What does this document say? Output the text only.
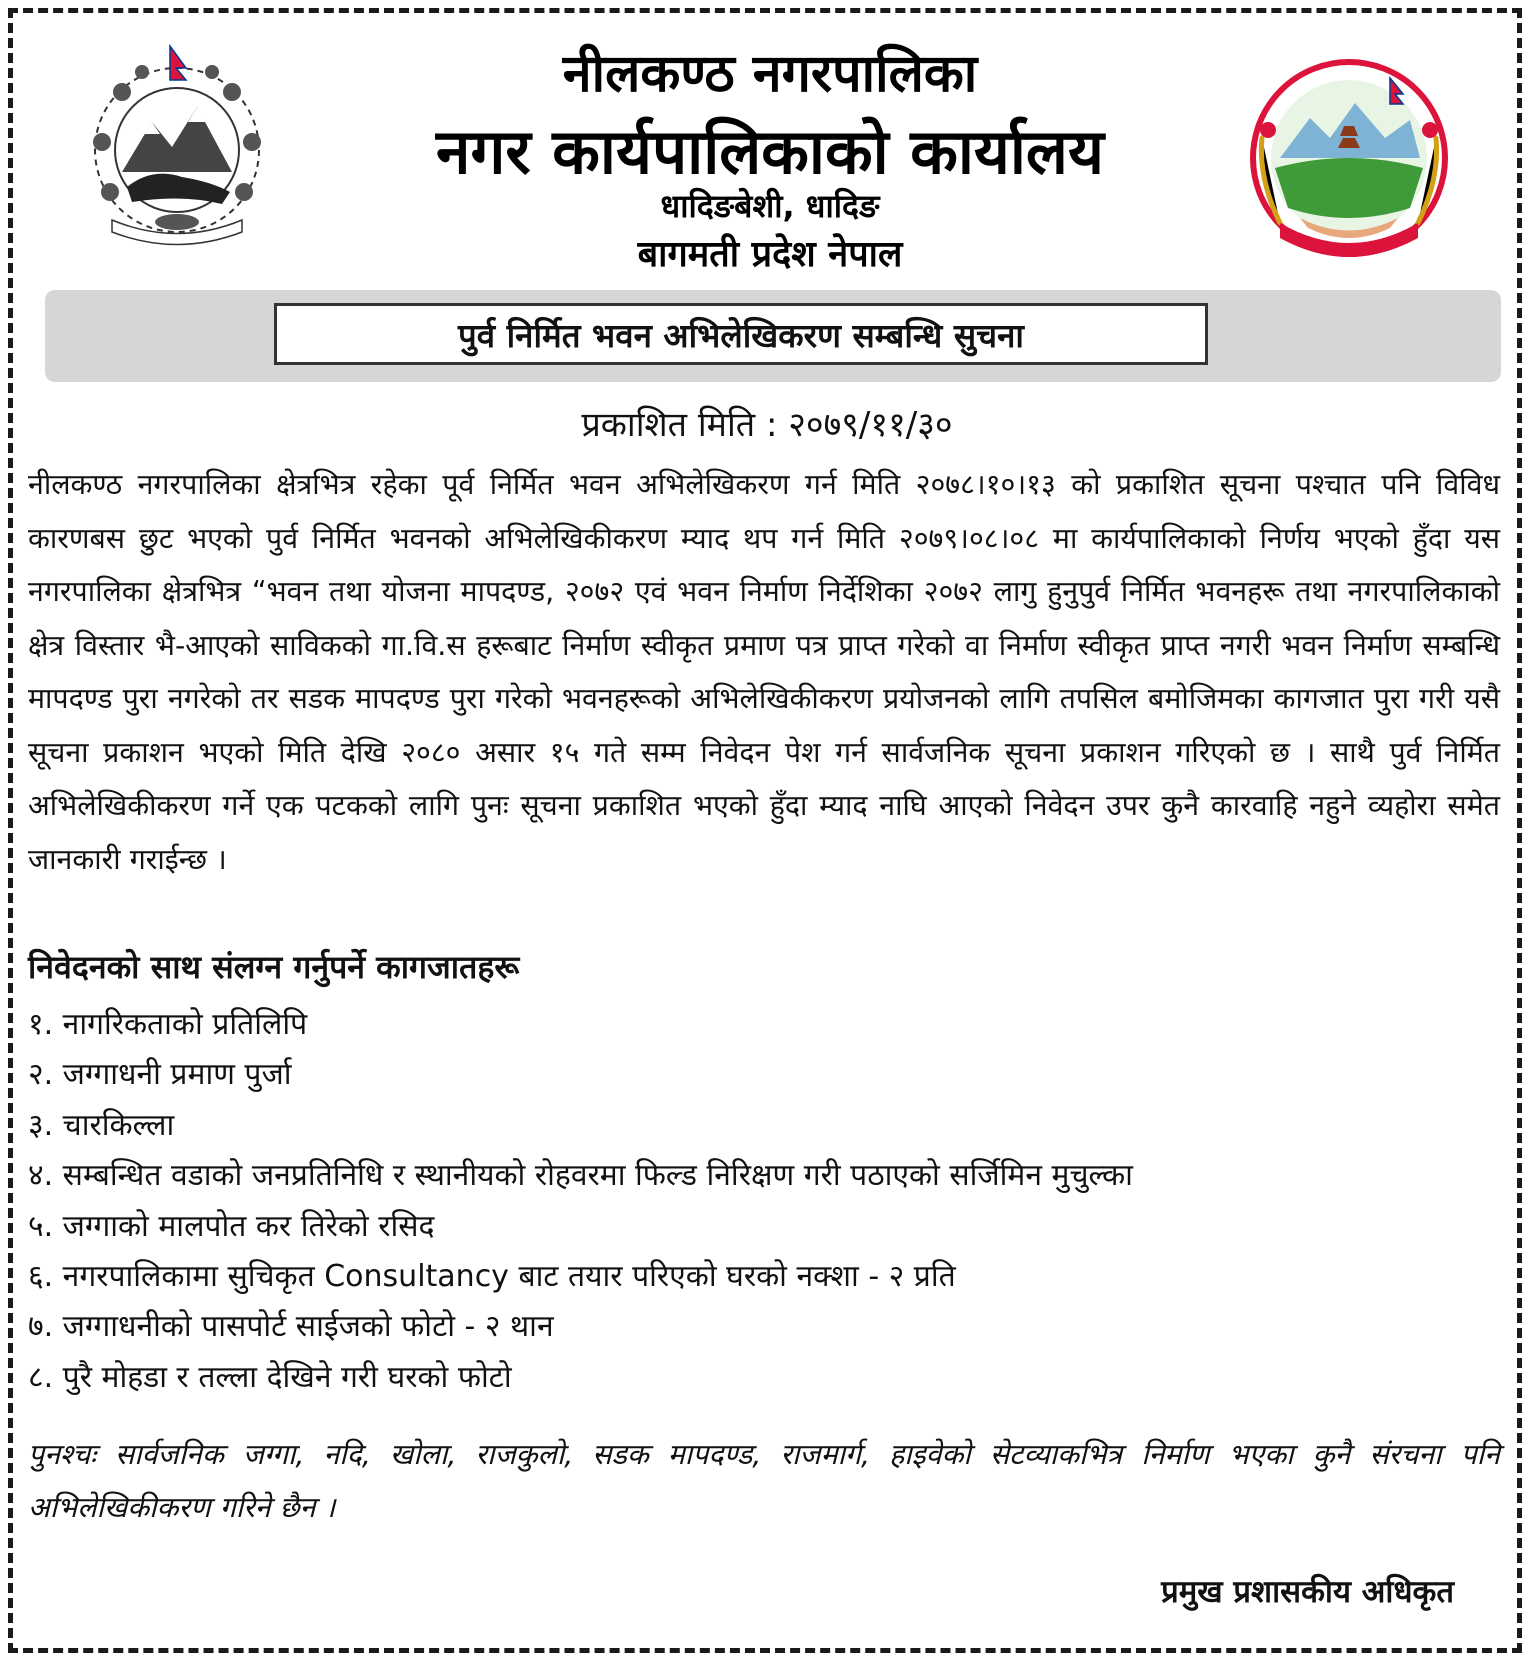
नीलकण्ठ नगरपालिका
नगर कार्यपालिकाको कार्यालय
धादिङबेशी, धादिङ
बागमती प्रदेश नेपाल
पुर्व निर्मित भवन अभिलेखिकरण सम्बन्धि सुचना
प्रकाशित मिति : २०७९/११/३०
नीलकण्ठ नगरपालिका क्षेत्रभित्र रहेका पूर्व निर्मित भवन अभिलेखिकरण गर्न मिति २०७८।१०।१३ को प्रकाशित सूचना पश्चात पनि विविध कारणबस छुट भएको पुर्व निर्मित भवनको अभिलेखिकीकरण म्याद थप गर्न मिति २०७९।०८।०८ मा कार्यपालिकाको निर्णय भएको हुँदा यस नगरपालिका क्षेत्रभित्र “भवन तथा योजना मापदण्ड, २०७२ एवं भवन निर्माण निर्देशिका २०७२ लागु हुनुपुर्व निर्मित भवनहरू तथा नगरपालिकाको क्षेत्र विस्तार भै-आएको साविकको गा.वि.स हरूबाट निर्माण स्वीकृत प्रमाण पत्र प्राप्त गरेको वा निर्माण स्वीकृत प्राप्त नगरी भवन निर्माण सम्बन्धि मापदण्ड पुरा नगरेको तर सडक मापदण्ड पुरा गरेको भवनहरूको अभिलेखिकीकरण प्रयोजनको लागि तपसिल बमोजिमका कागजात पुरा गरी यसै सूचना प्रकाशन भएको मिति देखि २०८० असार १५ गते सम्म निवेदन पेश गर्न सार्वजनिक सूचना प्रकाशन गरिएको छ । साथै पुर्व निर्मित अभिलेखिकीकरण गर्ने एक पटकको लागि पुनः सूचना प्रकाशित भएको हुँदा म्याद नाघि आएको निवेदन उपर कुनै कारवाहि नहुने व्यहोरा समेत जानकारी गराईन्छ ।
निवेदनको साथ संलग्न गर्नुपर्ने कागजातहरू
१. नागरिकताको प्रतिलिपि
२. जग्गाधनी प्रमाण पुर्जा
३. चारकिल्ला
४. सम्बन्धित वडाको जनप्रतिनिधि र स्थानीयको रोहवरमा फिल्ड निरिक्षण गरी पठाएको सर्जिमिन मुचुल्का
५. जग्गाको मालपोत कर तिरेको रसिद
६. नगरपालिकामा सुचिकृत Consultancy बाट तयार परिएको घरको नक्शा - २ प्रति
७. जग्गाधनीको पासपोर्ट साईजको फोटो - २ थान
८. पुरै मोहडा र तल्ला देखिने गरी घरको फोटो
पुनश्चः सार्वजनिक जग्गा, नदि, खोला, राजकुलो, सडक मापदण्ड, राजमार्ग, हाइवेको सेटव्याकभित्र निर्माण भएका कुनै संरचना पनि अभिलेखिकीकरण गरिने छैन ।
प्रमुख प्रशासकीय अधिकृत
